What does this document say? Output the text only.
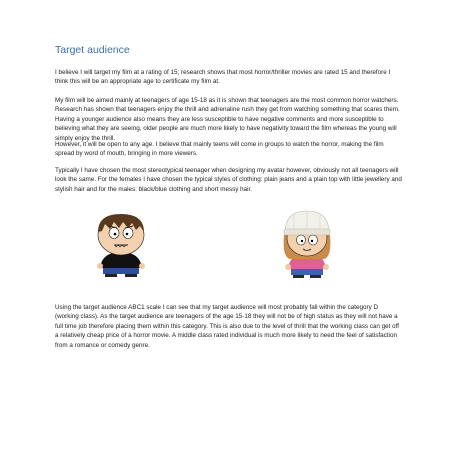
Target audience

I believe I will target my film at a rating of 15; research shows that most horror/thriller movies are rated 15 and therefore I think this will be an appropriate age to certificate my film at.

My film will be aimed mainly at teenagers of age 15-18 as it is shown that teenagers are the most common horror watchers. Research has shown that teenagers enjoy the thrill and adrenaline rush they get from watching something that scares them. Having a younger audience also means they are less susceptible to have negative comments and more susceptible to believing what they are seeing, older people are much more likely to have negativity toward the film whereas the young will simply enjoy the thrill.

However, it will be open to any age. I believe that mainly teens will come in groups to watch the horror, making the film spread by word of mouth, bringing in more viewers.

Typically I have chosen the most stereotypical teenager when designing my avatar however, obviously not all teenagers will look the same. For the females I have chosen the typical styles of clothing: plain jeans and a plain top with little jewellery and stylish hair and for the males: black/blue clothing and short messy hair.

Using the target audience ABC1 scale I can see that my target audience will most probably fall within the category D (working class). As the target audience are teenagers of the age 15-18 they will not be of high status as they will not have a full time job therefore placing them within this category. This is also due to the level of thrill that the working class can get off a relatively cheap price of a horror movie. A middle class rated individual is much more likely to need the feel of satisfaction from a romance or comedy genre.
